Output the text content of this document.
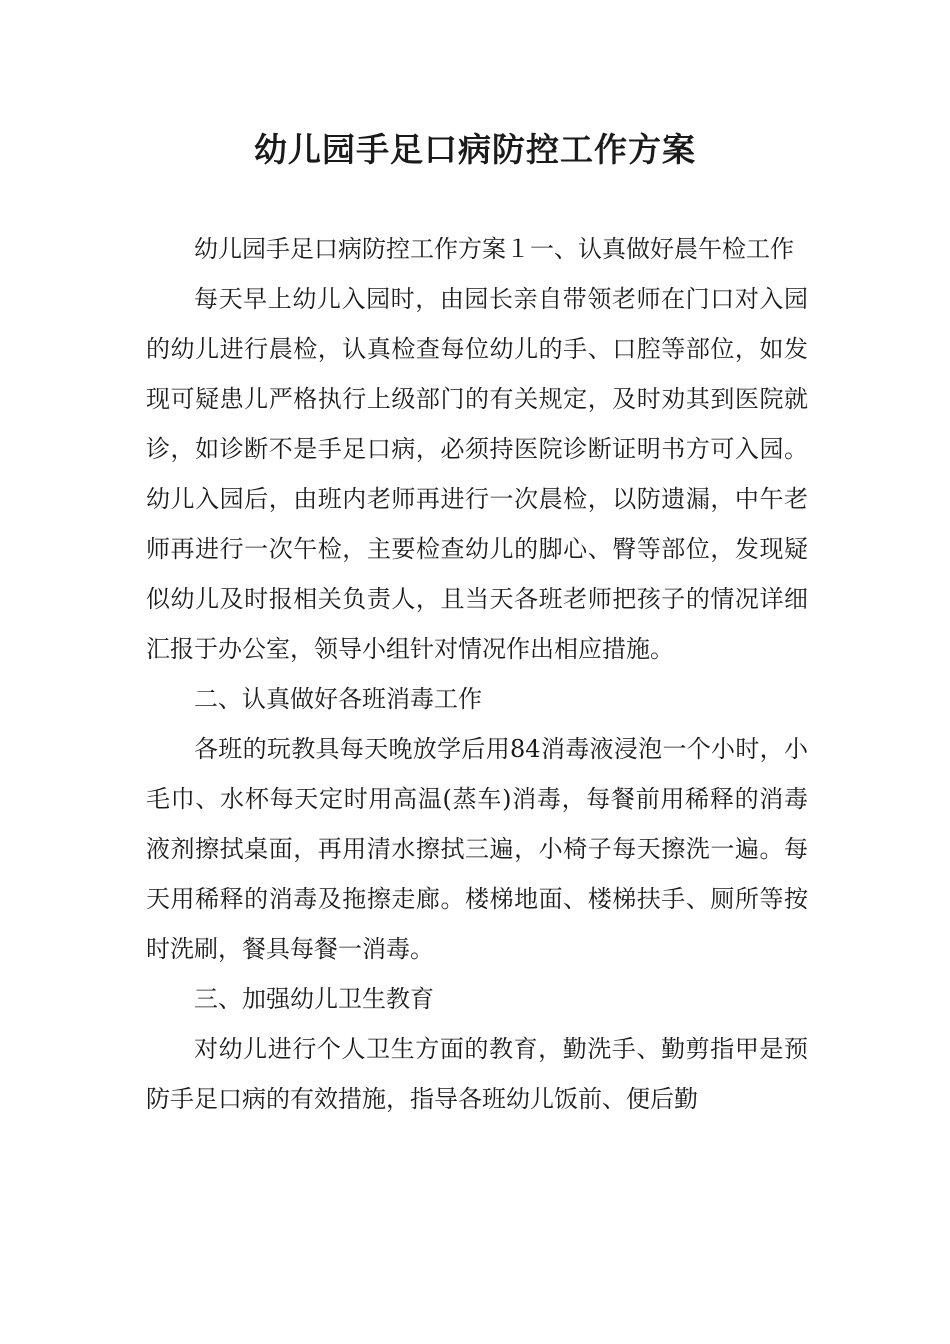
幼儿园手足口病防控工作方案

幼儿园手足口病防控工作方案１一、认真做好晨午检工作

每天早上幼儿入园时，由园长亲自带领老师在门口对入园的幼儿进行晨检，认真检查每位幼儿的手、口腔等部位，如发现可疑患儿严格执行上级部门的有关规定，及时劝其到医院就诊，如诊断不是手足口病，必须持医院诊断证明书方可入园。幼儿入园后，由班内老师再进行一次晨检，以防遗漏，中午老师再进行一次午检，主要检查幼儿的脚心、臀等部位，发现疑似幼儿及时报相关负责人，且当天各班老师把孩子的情况详细汇报于办公室，领导小组针对情况作出相应措施。

二、认真做好各班消毒工作

各班的玩教具每天晚放学后用84消毒液浸泡一个小时，小毛巾、水杯每天定时用高温(蒸车)消毒，每餐前用稀释的消毒液剂擦拭桌面，再用清水擦拭三遍，小椅子每天擦洗一遍。每天用稀释的消毒及拖擦走廊。楼梯地面、楼梯扶手、厕所等按时洗刷，餐具每餐一消毒。

三、加强幼儿卫生教育

对幼儿进行个人卫生方面的教育，勤洗手、勤剪指甲是预防手足口病的有效措施，指导各班幼儿饭前、便后勤
